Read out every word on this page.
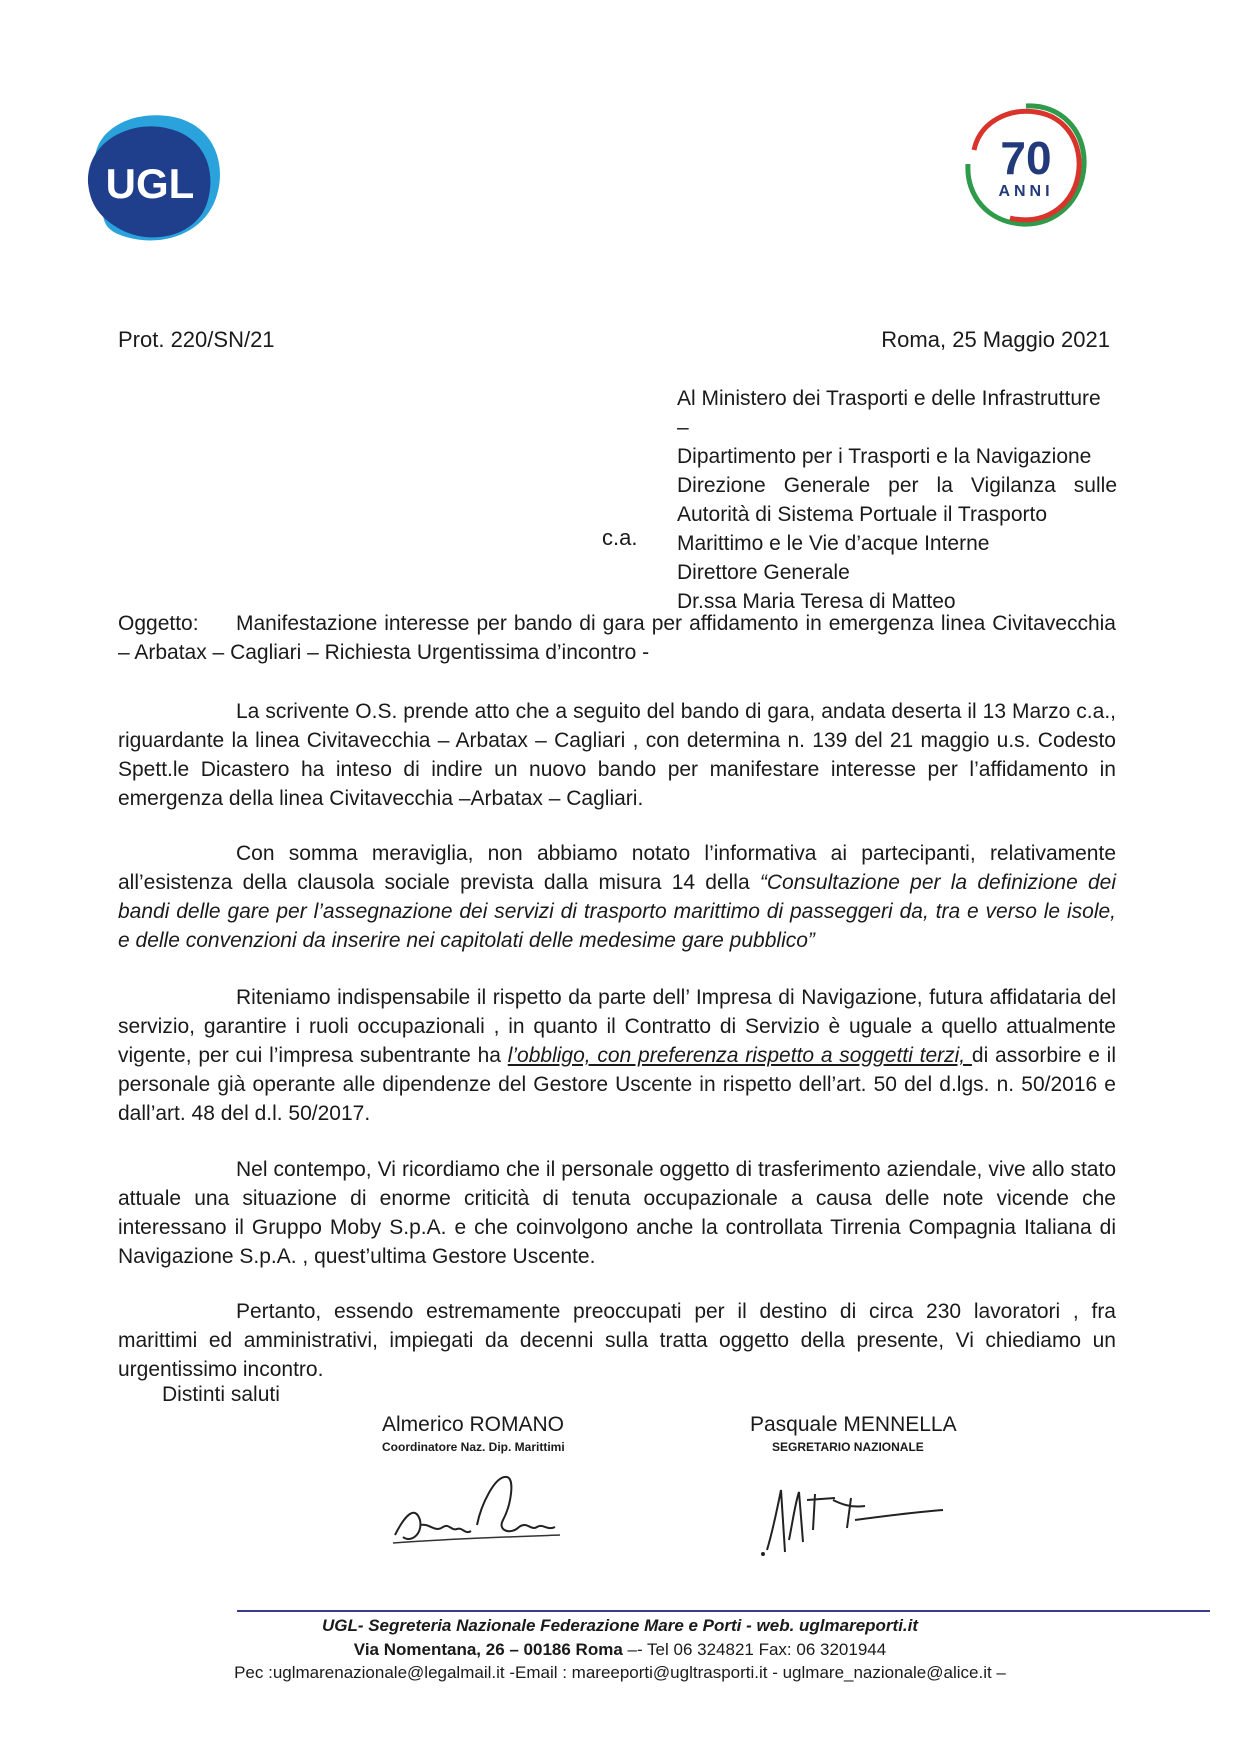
UGL	70
ANNI
Prot. 220/SN/21	Roma, 25 Maggio 2021
Al Ministero dei Trasporti e delle Infrastrutture –
Dipartimento per i Trasporti e la Navigazione
Direzione Generale per la Vigilanza sulle
Autorità di Sistema Portuale il Trasporto
Marittimo e le Vie d’acque Interne
Direttore Generale
Dr.ssa Maria Teresa di Matteo
c.a.
Oggetto: Manifestazione interesse per bando di gara per affidamento in emergenza linea Civitavecchia – Arbatax – Cagliari – Richiesta Urgentissima d’incontro -

La scrivente O.S. prende atto che a seguito del bando di gara, andata deserta il 13 Marzo c.a., riguardante la linea Civitavecchia – Arbatax – Cagliari , con determina n. 139 del 21 maggio u.s. Codesto Spett.le Dicastero ha inteso di indire un nuovo bando per manifestare interesse per l’affidamento in emergenza della linea Civitavecchia –Arbatax – Cagliari.

Con somma meraviglia, non abbiamo notato l’informativa ai partecipanti, relativamente all’esistenza della clausola sociale prevista dalla misura 14 della “Consultazione per la definizione dei bandi delle gare per l’assegnazione dei servizi di trasporto marittimo di passeggeri da, tra e verso le isole, e delle convenzioni da inserire nei capitolati delle medesime gare pubblico”

Riteniamo indispensabile il rispetto da parte dell’ Impresa di Navigazione, futura affidataria del servizio, garantire i ruoli occupazionali , in quanto il Contratto di Servizio è uguale a quello attualmente vigente, per cui l’impresa subentrante ha l’obbligo, con preferenza rispetto a soggetti terzi, di assorbire e il personale già operante alle dipendenze del Gestore Uscente in rispetto dell’art. 50 del d.lgs. n. 50/2016 e dall’art. 48 del d.l. 50/2017.

Nel contempo, Vi ricordiamo che il personale oggetto di trasferimento aziendale, vive allo stato attuale una situazione di enorme criticità di tenuta occupazionale a causa delle note vicende che interessano il Gruppo Moby S.p.A. e che coinvolgono anche la controllata Tirrenia Compagnia Italiana di Navigazione S.p.A. , quest’ultima Gestore Uscente.

Pertanto, essendo estremamente preoccupati per il destino di circa 230 lavoratori , fra marittimi ed amministrativi, impiegati da decenni sulla tratta oggetto della presente, Vi chiediamo un urgentissimo incontro.

Distinti saluti
Almerico ROMANO
Coordinatore Naz. Dip. Marittimi
Pasquale MENNELLA
SEGRETARIO NAZIONALE
UGL- Segreteria Nazionale Federazione Mare e Porti - web. uglmareporti.it
Via Nomentana, 26 – 00186 Roma –- Tel 06 324821 Fax: 06 3201944
Pec :uglmarenazionale@legalmail.it -Email : mareeporti@ugltrasporti.it - uglmare_nazionale@alice.it –
